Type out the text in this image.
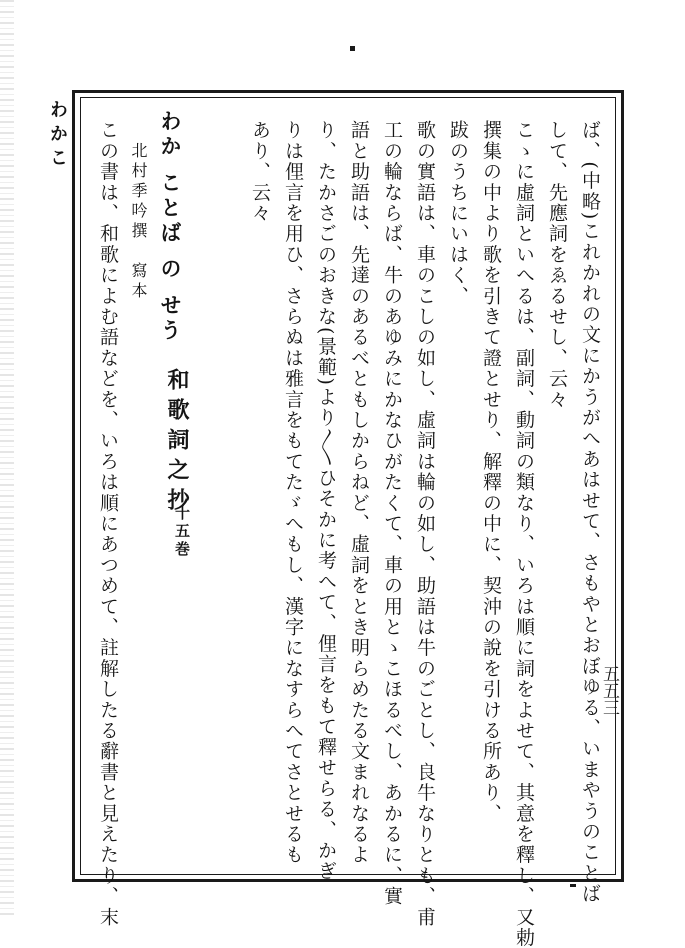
わかこ
五五三
ば、(中略)これかれの文にかうがへあはせて、さもやとおぼゆる、いまやうのことば
して、先應詞をゑるせし、云々
こゝに虛詞といへるは、副詞、動詞の類なり、いろは順に詞をよせて、其意を釋し、又勅
撰集の中より歌を引きて證とせり、解釋の中に、契沖の說を引ける所あり、
跋のうちにいはく、
歌の實語は、車のこしの如し、虛詞は輪の如し、助語は牛のごとし、良牛なりとも、甫
工の輪ならば、牛のあゆみにかなひがたくて、車の用とゝこほるべし、あかるに、實
語と助語は、先達のあるべともしからねど、虛詞をとき明らめたる文まれなるよ
り、たかさごのおきな(景範)より〳〵ひそかに考へて、俚言をもて釋せらる、かぎ
りは俚言を用ひ、さらぬは雅言をもてたゞへもし、漢字になすらへてさとせるも
あり、云々
和歌詞之抄
十五巻
わか ことば の せう
北村季吟撰　寫本
この書は、和歌によむ語などを、いろは順にあつめて、註解したる辭書と見えたり、末
